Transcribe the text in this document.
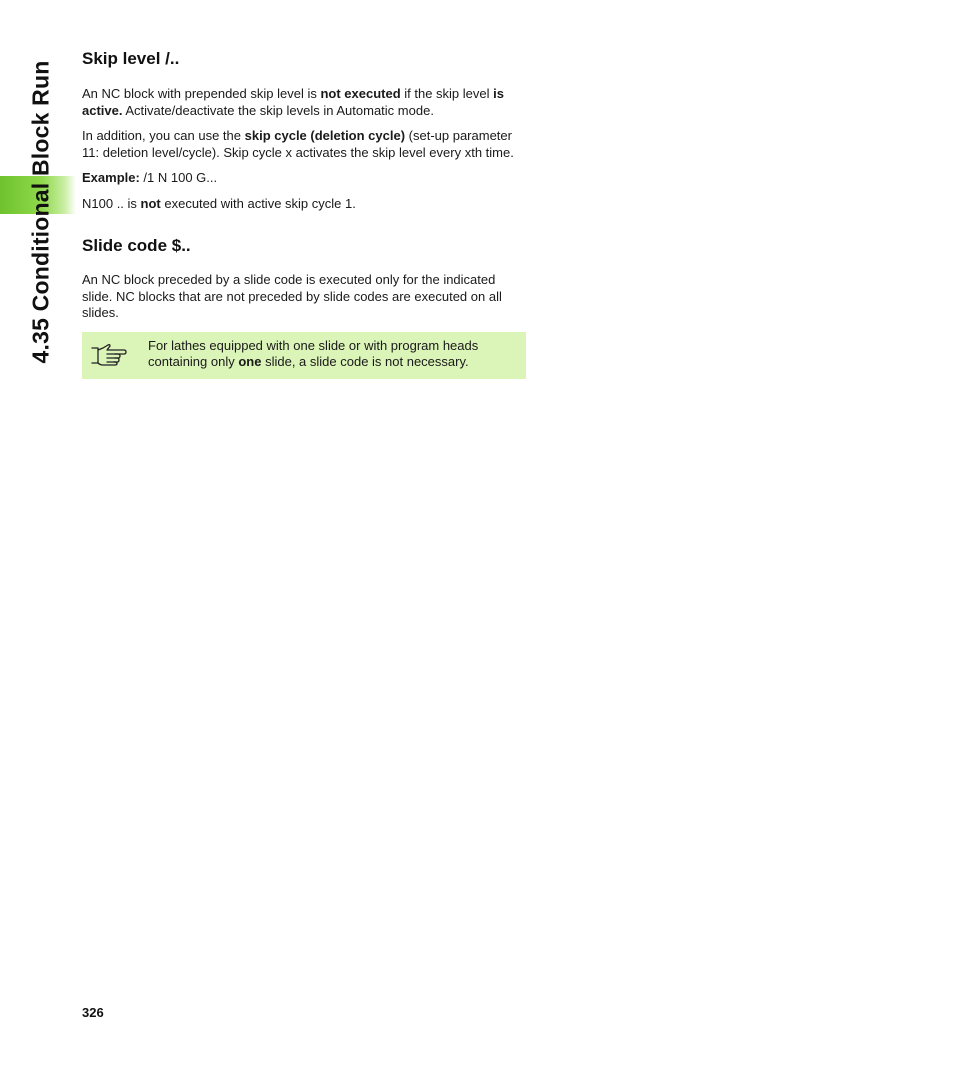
4.35 Conditional Block Run
Skip level /..

An NC block with prepended skip level is not executed if the skip level is active. Activate/deactivate the skip levels in Automatic mode.

In addition, you can use the skip cycle (deletion cycle) (set-up parameter 11: deletion level/cycle). Skip cycle x activates the skip level every xth time.

Example: /1 N 100 G...

N100 .. is not executed with active skip cycle 1.

Slide code $..

An NC block preceded by a slide code is executed only for the indicated slide. NC blocks that are not preceded by slide codes are executed on all slides.

For lathes equipped with one slide or with program heads containing only one slide, a slide code is not necessary.
326
